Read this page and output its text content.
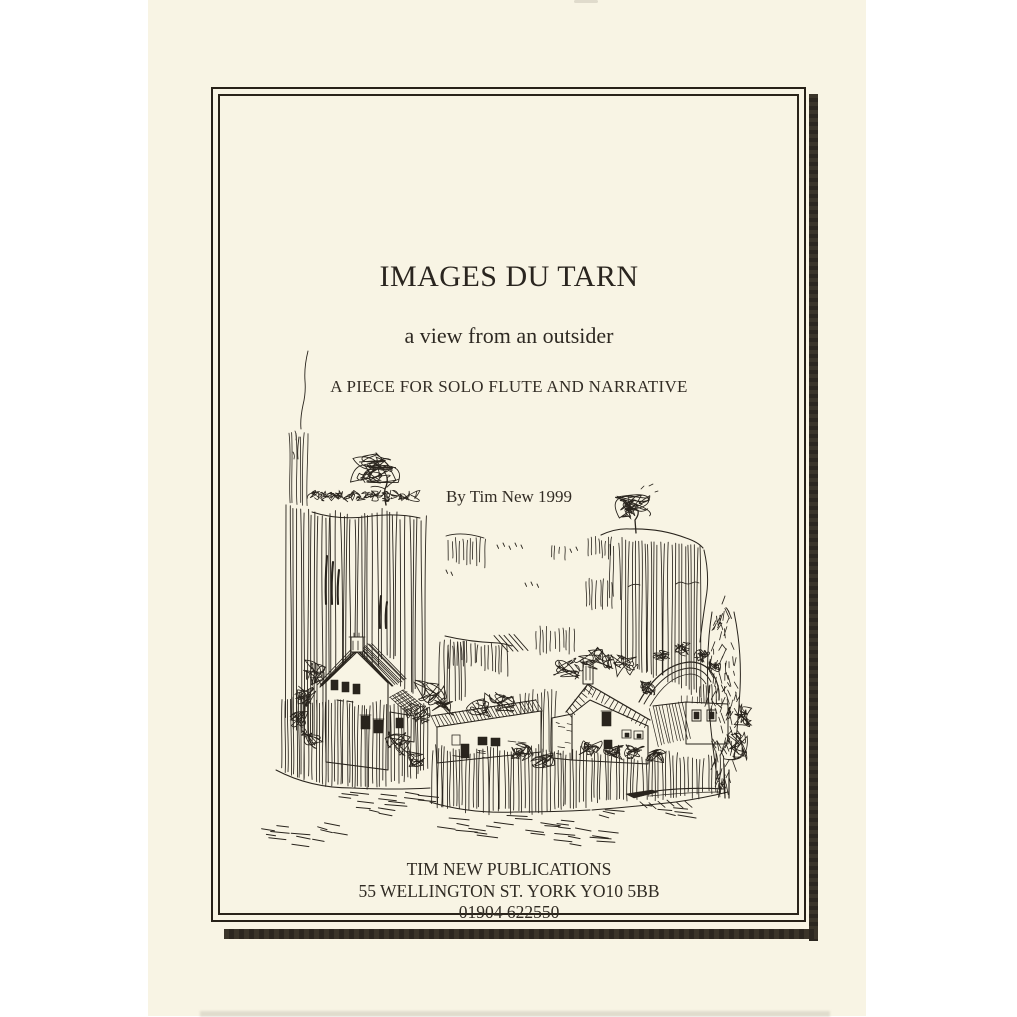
IMAGES DU TARN
a view from an outsider
A PIECE FOR SOLO FLUTE AND NARRATIVE
By Tim New 1999
TIM NEW PUBLICATIONS
55 WELLINGTON ST. YORK YO10 5BB
01904 622550
